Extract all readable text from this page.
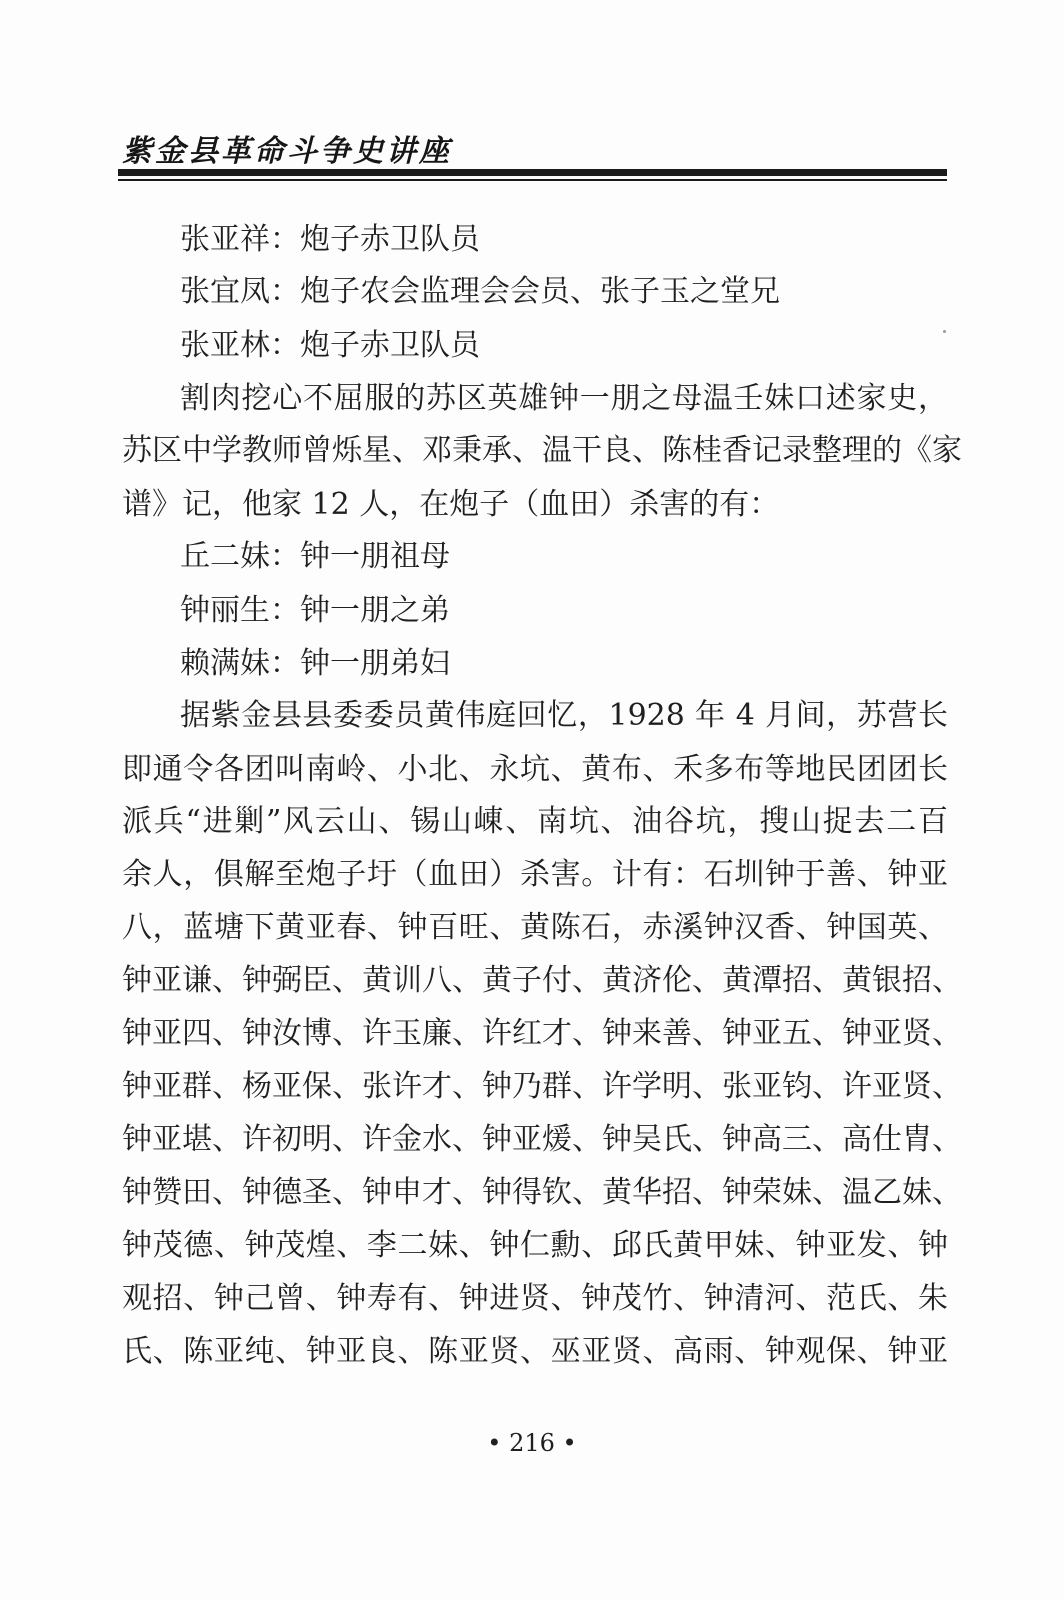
紫金县革命斗争史讲座
张亚祥：炮子赤卫队员
张宜凤：炮子农会监理会会员、张子玉之堂兄
张亚林：炮子赤卫队员
割肉挖心不屈服的苏区英雄钟一朋之母温壬妹口述家史，
苏区中学教师曾烁星、邓秉承、温干良、陈桂香记录整理的《家
谱》记，他家 12 人，在炮子（血田）杀害的有：
丘二妹：钟一朋祖母
钟丽生：钟一朋之弟
赖满妹：钟一朋弟妇
据紫金县县委委员黄伟庭回忆，1928 年 4 月间，苏营长
即通令各团叫南岭、小北、永坑、黄布、禾多布等地民团团长
派兵“进剿”风云山、锡山崠、南坑、油谷坑，搜山捉去二百
余人，俱解至炮子圩（血田）杀害。计有：石圳钟于善、钟亚
八，蓝塘下黄亚春、钟百旺、黄陈石，赤溪钟汉香、钟国英、
钟亚谦、钟弼臣、黄训八、黄子付、黄济伦、黄潭招、黄银招、
钟亚四、钟汝博、许玉廉、许红才、钟来善、钟亚五、钟亚贤、
钟亚群、杨亚保、张许才、钟乃群、许学明、张亚钧、许亚贤、
钟亚堪、许初明、许金水、钟亚煖、钟吴氏、钟高三、高仕胄、
钟赞田、钟德圣、钟申才、钟得钦、黄华招、钟荣妹、温乙妹、
钟茂德、钟茂煌、李二妹、钟仁勳、邱氏黄甲妹、钟亚发、钟
观招、钟己曾、钟寿有、钟进贤、钟茂竹、钟清河、范氏、朱
氏、陈亚纯、钟亚良、陈亚贤、巫亚贤、高雨、钟观保、钟亚
• 216 •
